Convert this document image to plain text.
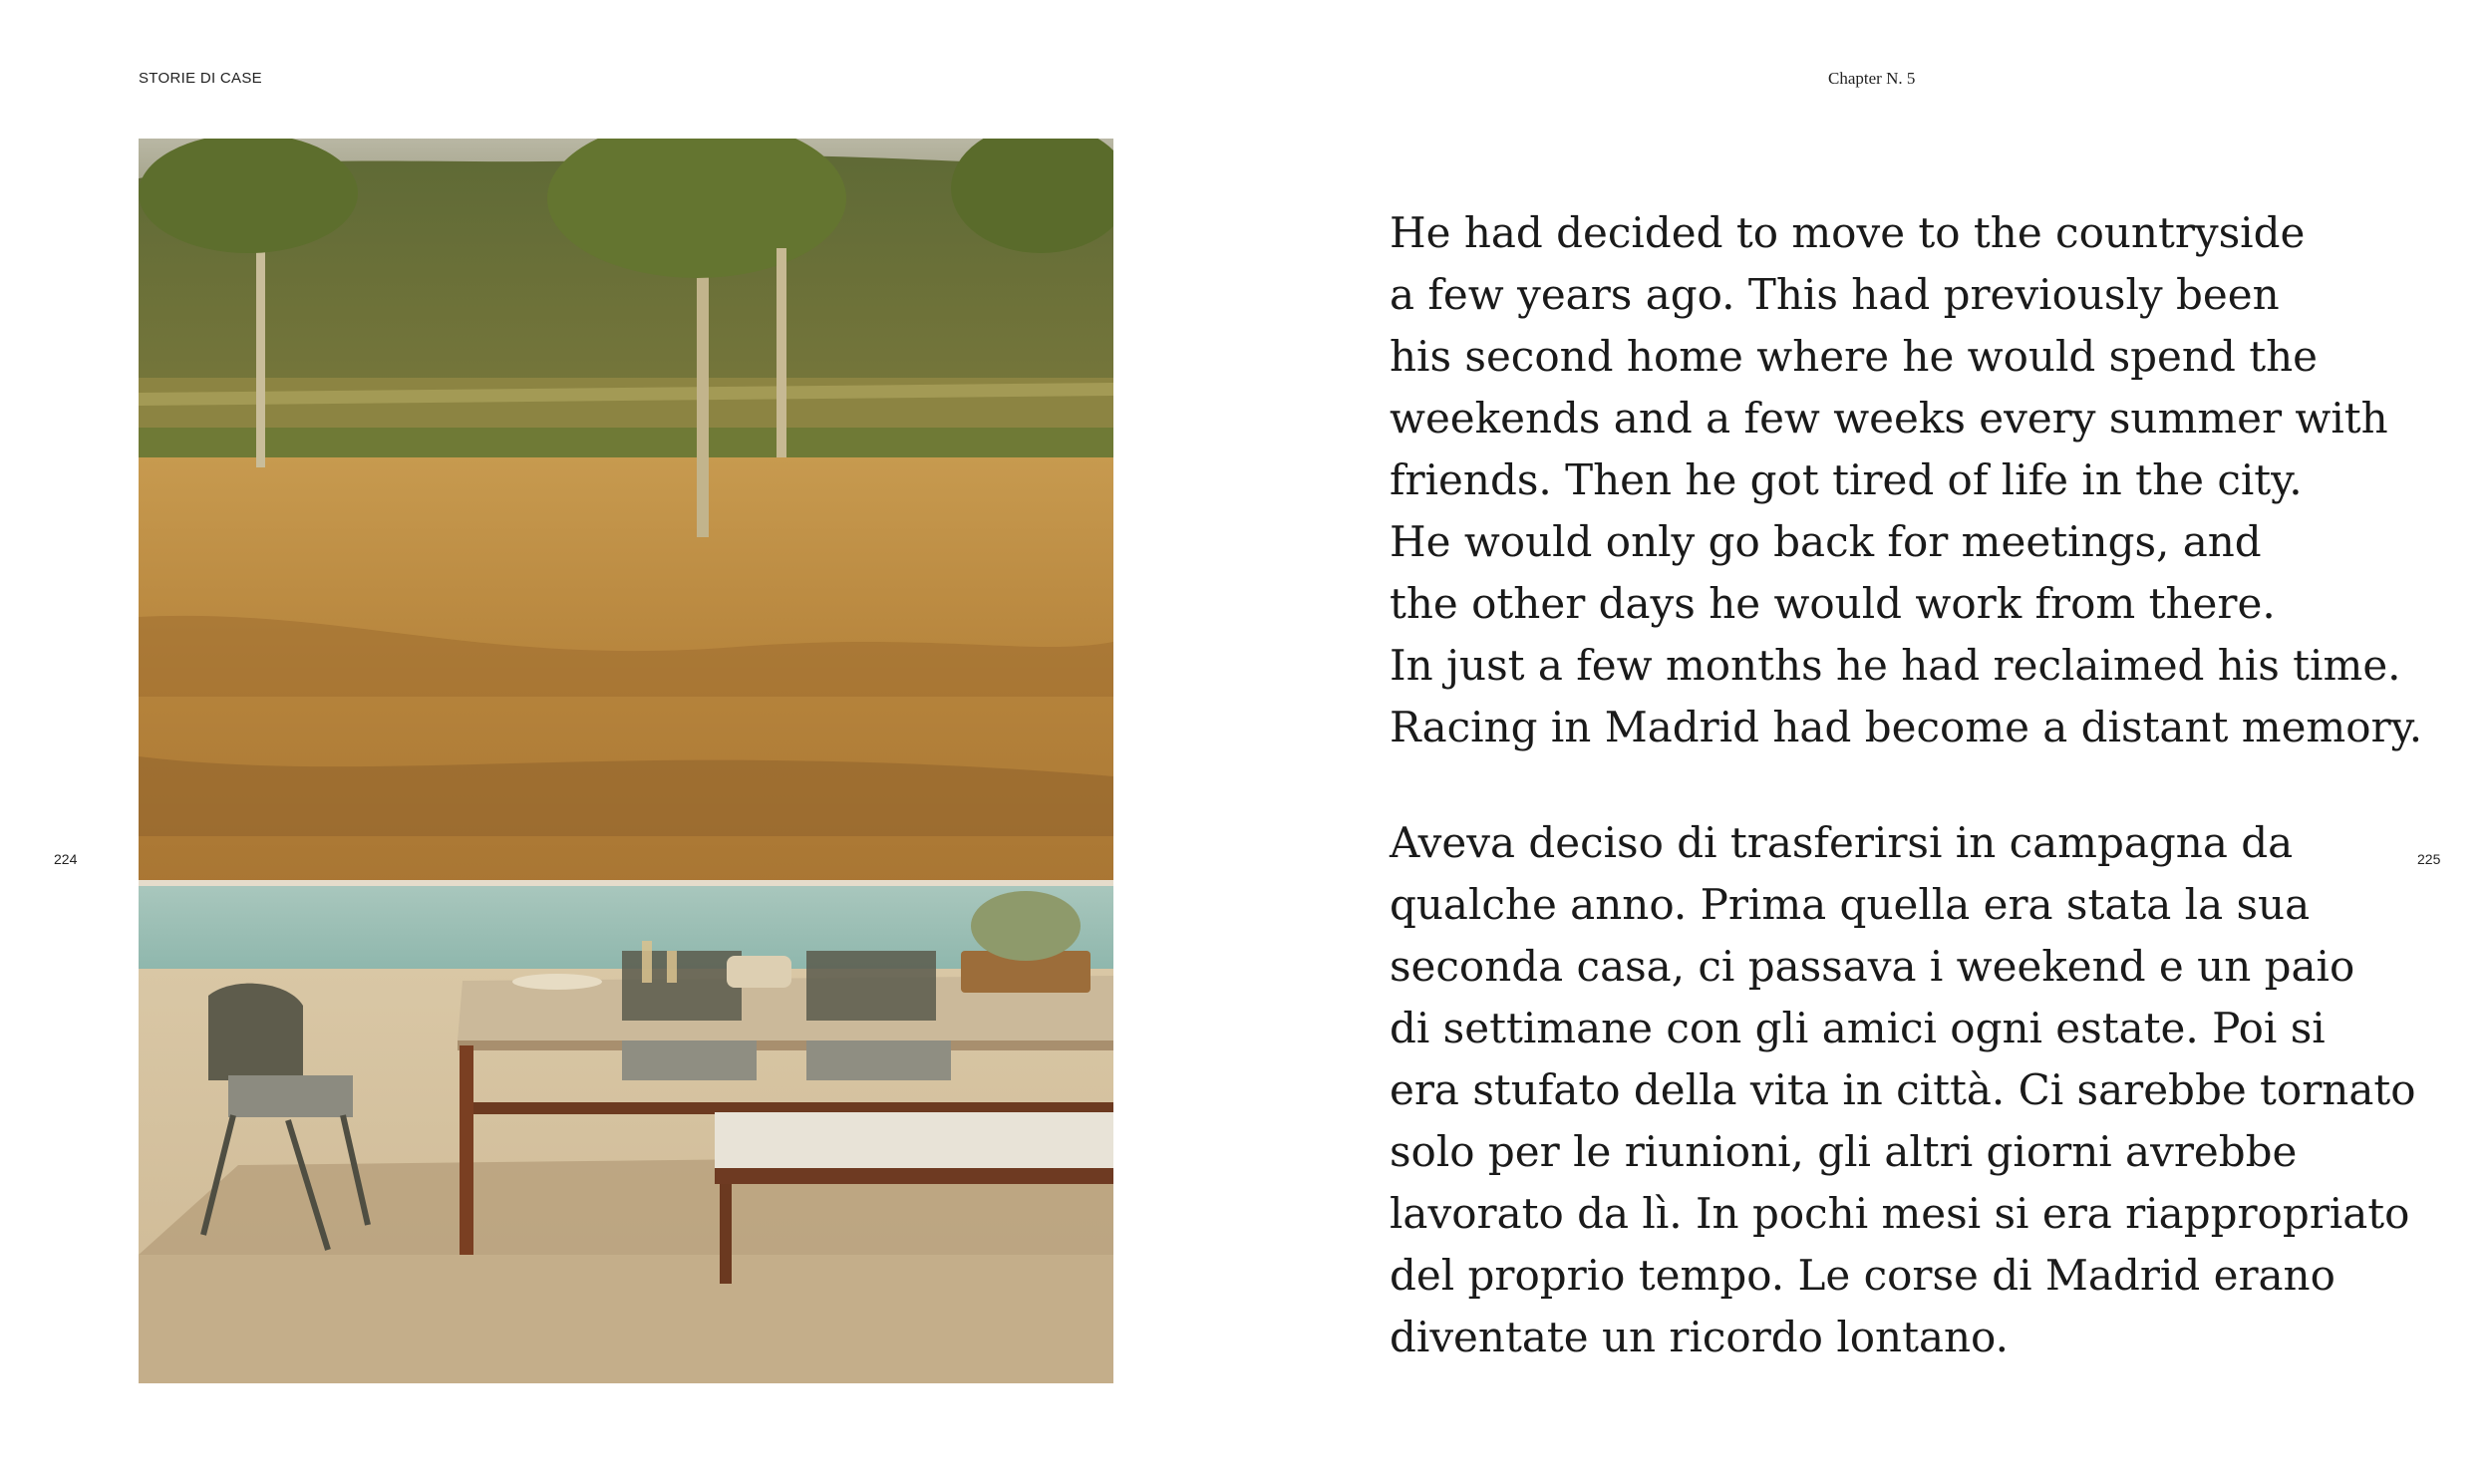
STORIE DI CASE	Chapter N. 5
224	225

He had decided to move to the countryside
a few years ago. This had previously been
his second home where he would spend the
weekends and a few weeks every summer with
friends. Then he got tired of life in the city.
He would only go back for meetings, and
the other days he would work from there.
In just a few months he had reclaimed his time.
Racing in Madrid had become a distant memory.

Aveva deciso di trasferirsi in campagna da
qualche anno. Prima quella era stata la sua
seconda casa, ci passava i weekend e un paio
di settimane con gli amici ogni estate. Poi si
era stufato della vita in città. Ci sarebbe tornato
solo per le riunioni, gli altri giorni avrebbe
lavorato da lì. In pochi mesi si era riappropriato
del proprio tempo. Le corse di Madrid erano
diventate un ricordo lontano.
